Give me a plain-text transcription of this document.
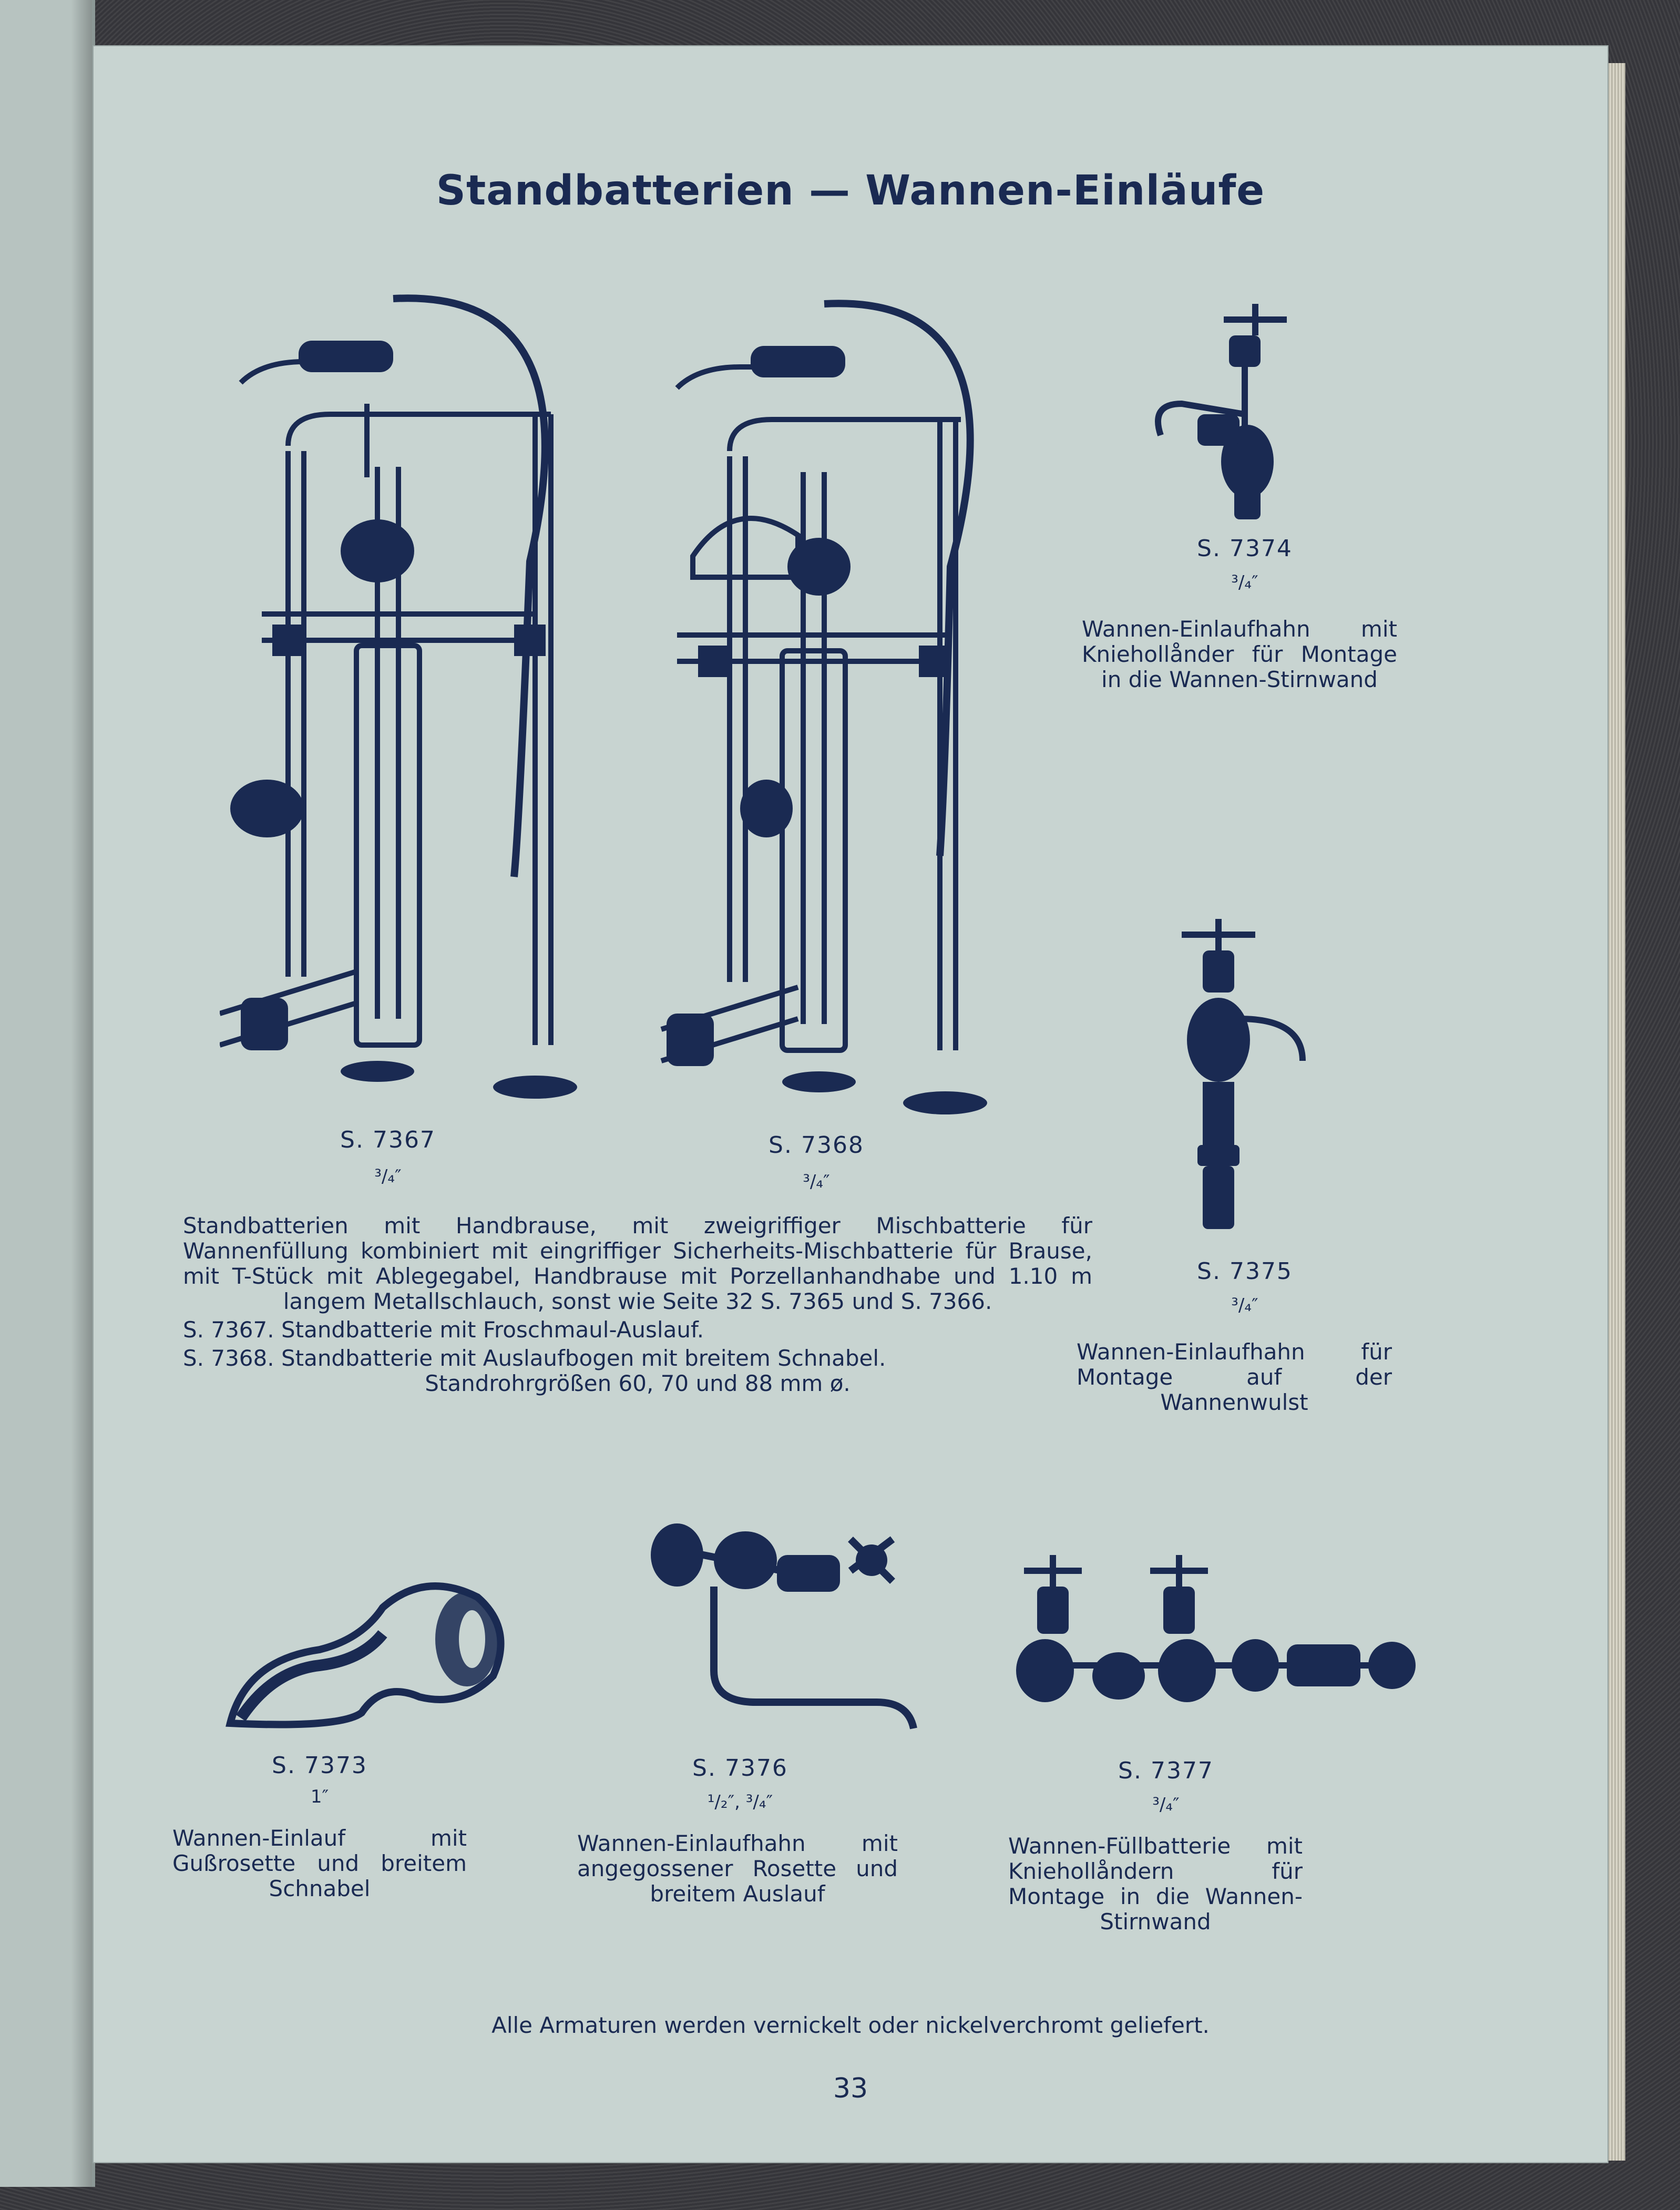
Standbatterien — Wannen-Einläufe
S. 7374
³/₄″
Wannen-Einlaufhahn mit Kniehollånder für Montage in die Wannen-Stirnwand
S. 7375
³/₄″
Wannen-Einlaufhahn für Montage auf der Wannenwulst
S. 7367
³/₄″
S. 7368
³/₄″
Standbatterien mit Handbrause, mit zweigriffiger Mischbatterie für Wannenfüllung kombiniert mit eingriffiger Sicherheits-Mischbatterie für Brause, mit T-Stück mit Ablegegabel, Handbrause mit Porzellanhandhabe und 1.10 m langem Metallschlauch, sonst wie Seite 32 S. 7365 und S. 7366.
S. 7367. Standbatterie mit Froschmaul-Auslauf.
S. 7368. Standbatterie mit Auslaufbogen mit breitem Schnabel.
Standrohrgrößen 60, 70 und 88 mm ø.
S. 7373
1″
Wannen-Einlauf mit Gußrosette und breitem Schnabel
S. 7376
¹/₂″, ³/₄″
Wannen-Einlaufhahn mit angegossener Rosette und breitem Auslauf
S. 7377
³/₄″
Wannen-Füllbatterie mit Kniehollåndern für Montage in die Wannen-Stirnwand
Alle Armaturen werden vernickelt oder nickelverchromt geliefert.
33
